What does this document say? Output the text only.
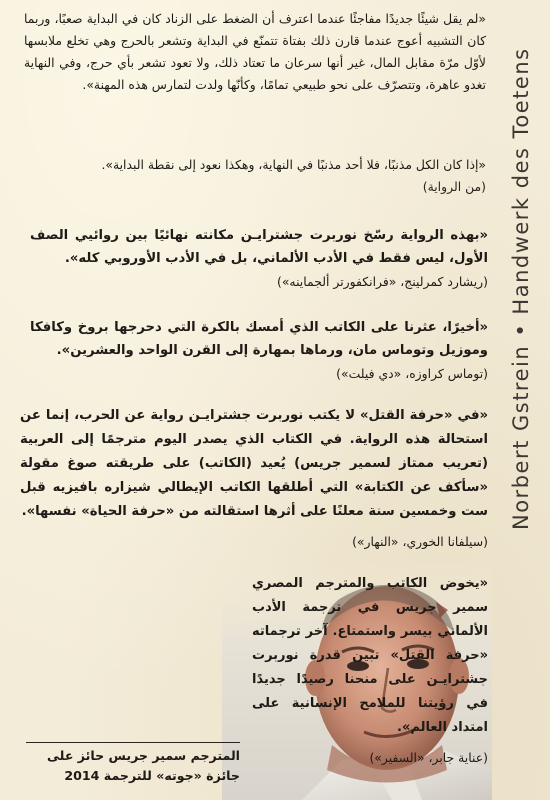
Norbert Gstrein • Handwerk des Toetens
«لم يقل شيئًا جديدًا مفاجئًا عندما اعترف أن الضغط على الزناد كان في البداية صعبًا، وربما كان التشبيه أعوج عندما قارن ذلك بفتاة تتمنّع في البداية وتشعر بالحرج وهي تخلع ملابسها لأوّل مرّة مقابل المال، غير أنها سرعان ما تعتاد ذلك، ولا تعود تشعر بأي حرج، وفي النهاية تغدو عاهرة، وتتصرّف على نحو طبيعي تمامًا، وكأنّها ولدت لتمارس هذه المهنة».
«إذا كان الكل مذنبًا، فلا أحد مذنبًا في النهاية، وهكذا نعود إلى نقطة البداية».
(من الرواية)
«بهذه الرواية رسّخ نوربرت جشترايـن مكانته نهائيًا بين روائيي الصف الأول، ليس فقط في الأدب الألماني، بل في الأدب الأوروبي كله».
(ريشارد كمرلينج، «فرانكفورتر ألجماينه»)
«أخيرًا، عثرنا على الكاتب الذي أمسك بالكرة التي دحرجها بروخ وكافكا وموزيل وتوماس مان، ورماها بمهارة إلى القرن الواحد والعشرين».
(توماس كراوزه، «دي فيلت»)
«في «حرفة القتل» لا يكتب نوربرت جشترايـن رواية عن الحرب، إنما عن استحالة هذه الرواية. في الكتاب الذي يصدر اليوم مترجمًا إلى العربية (تعريب ممتاز لسمير جريس) يُعيد (الكاتب) على طريقته صوغ مقولة «سأكف عن الكتابة» التي أطلقها الكاتب الإيطالي شيزاره بافيزيه قبل ست وخمسين سنة معلنًا على أثرها استقالته من «حرفة الحياة» نفسها».
(سيلفانا الخوري، «النهار»)
«يخوض الكاتب والمترجم المصري سمير جريس في ترجمة الأدب الألماني بيسر واستمتاع. آخر ترجماته «حرفة القتل» تبين قدرة نوربرت جشترايـن على منحنا رصيدًا جديدًا في رؤيتنا للملامح الإنسانية على امتداد العالم».
(عناية جابر، «السفير»)
المترجم سمير جريس حائز على
جائزة «جوته» للترجمة 2014
